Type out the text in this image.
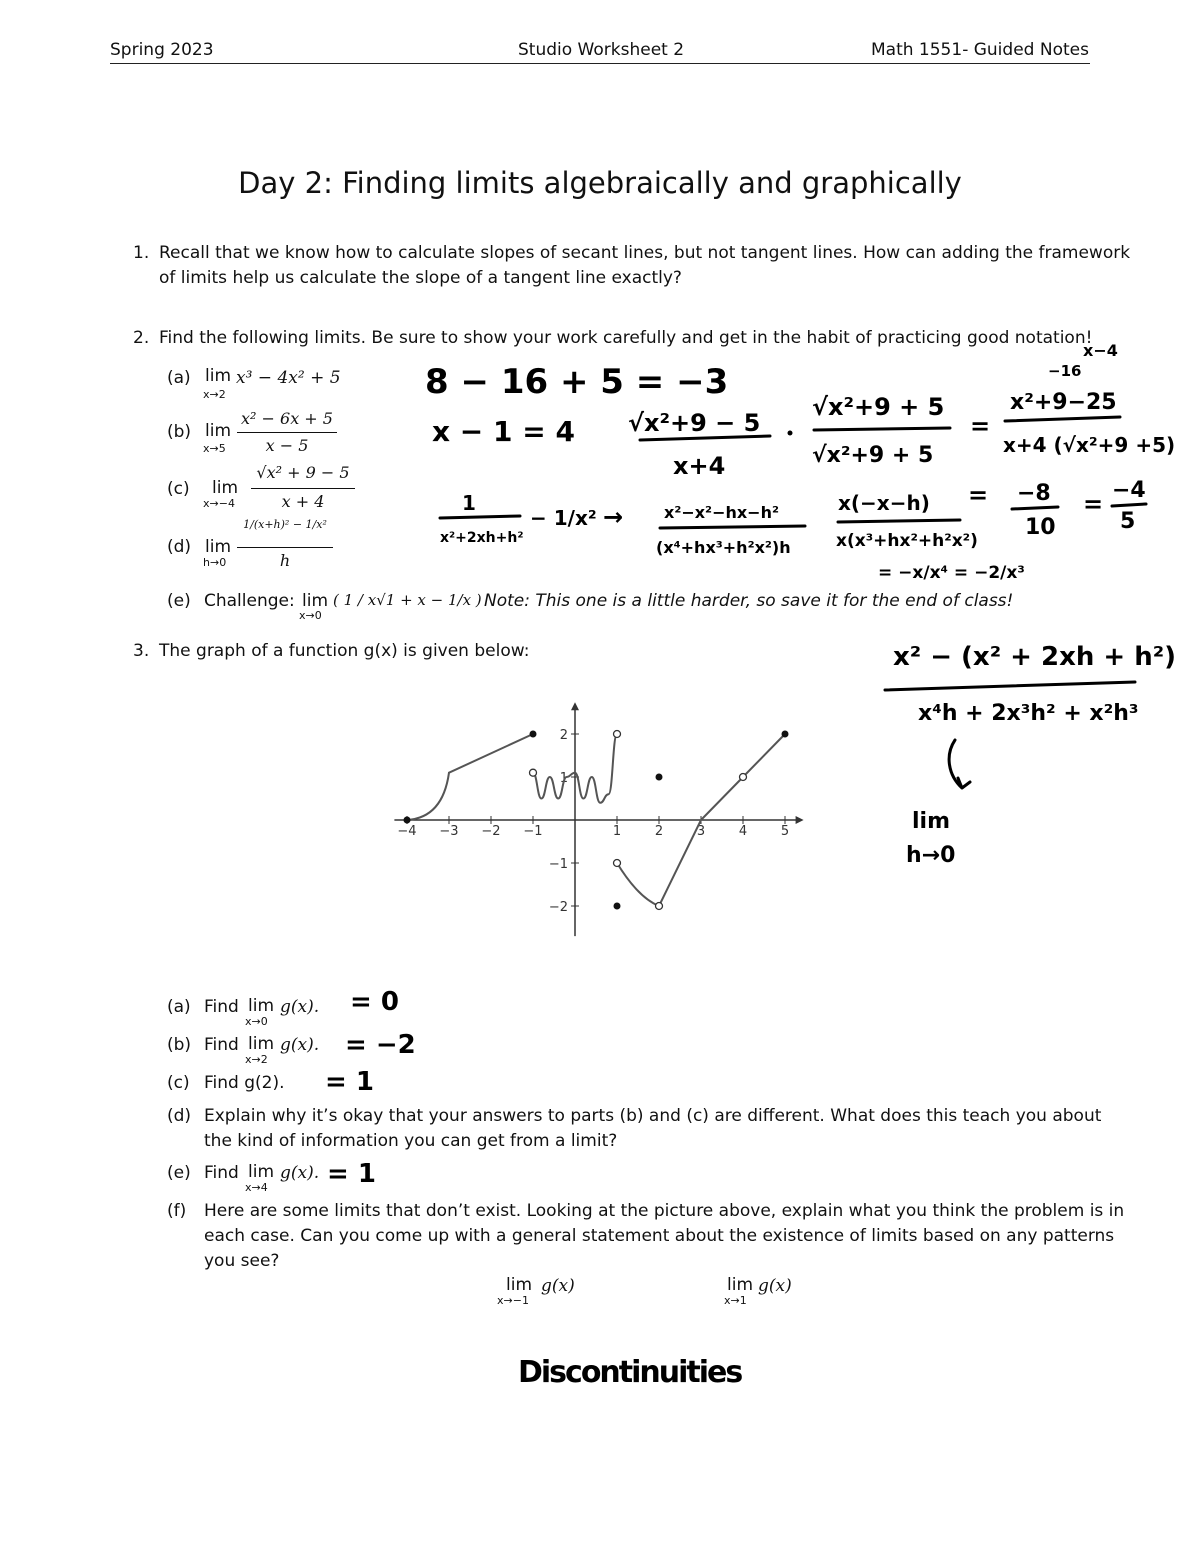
Spring 2023	Studio Worksheet 2	Math 1551- Guided Notes
Day 2: Finding limits algebraically and graphically
1. Recall that we know how to calculate slopes of secant lines, but not tangent lines. How can adding the framework
of limits help us calculate the slope of a tangent line exactly?
2. Find the following limits. Be sure to show your work carefully and get in the habit of practicing good notation!
(a) lim
x→2
x³ − 4x² + 5
(b) lim
x→5
x² − 6x + 5
x − 5
(c) lim
x→−4
√x² + 9 − 5
x + 4
(d) lim
h→0
1/(x+h)² − 1/x²
h
(e) Challenge: lim
x→0
( 1 / x√1 + x − 1/x ) Note: This one is a little harder, so save it for the end of class!
3. The graph of a function g(x) is given below:
−4 −3 −2 −1	1	2	3	4	5
2
1
−1
−2
(a) Find lim
x→0
g(x).
(b) Find lim
x→2
g(x).
(c) Find g(2).
(d) Explain why it’s okay that your answers to parts (b) and (c) are different. What does this teach you about
the kind of information you can get from a limit?
(e) Find lim
x→4
g(x).
(f) Here are some limits that don’t exist. Looking at the picture above, explain what you think the problem is in
each case. Can you come up with a general statement about the existence of limits based on any patterns
you see?
lim
x→−1
g(x)	lim
x→1
g(x)
8 − 16 + 5 = −3
x − 1 = 4 √x²+9 − 5
x+4
√x²+9 + 5
√x²+9 + 5
=
x²+9−25
x+4 (√x²+9 +5)
x−4
−16
1
x²+2xh+h²
− 1/x² →	x²−x²−hx−h²
(x⁴+hx³+h²x²)h
x(−x−h)
x(x³+hx²+h²x²)
= −8
10
= −4
5
= −x/x⁴ = −2/x³
x² − (x² + 2xh + h²)
x⁴h + 2x³h² + x²h³
lim
h→0
= 0
= −2
= 1
= 1
Discontinuities
